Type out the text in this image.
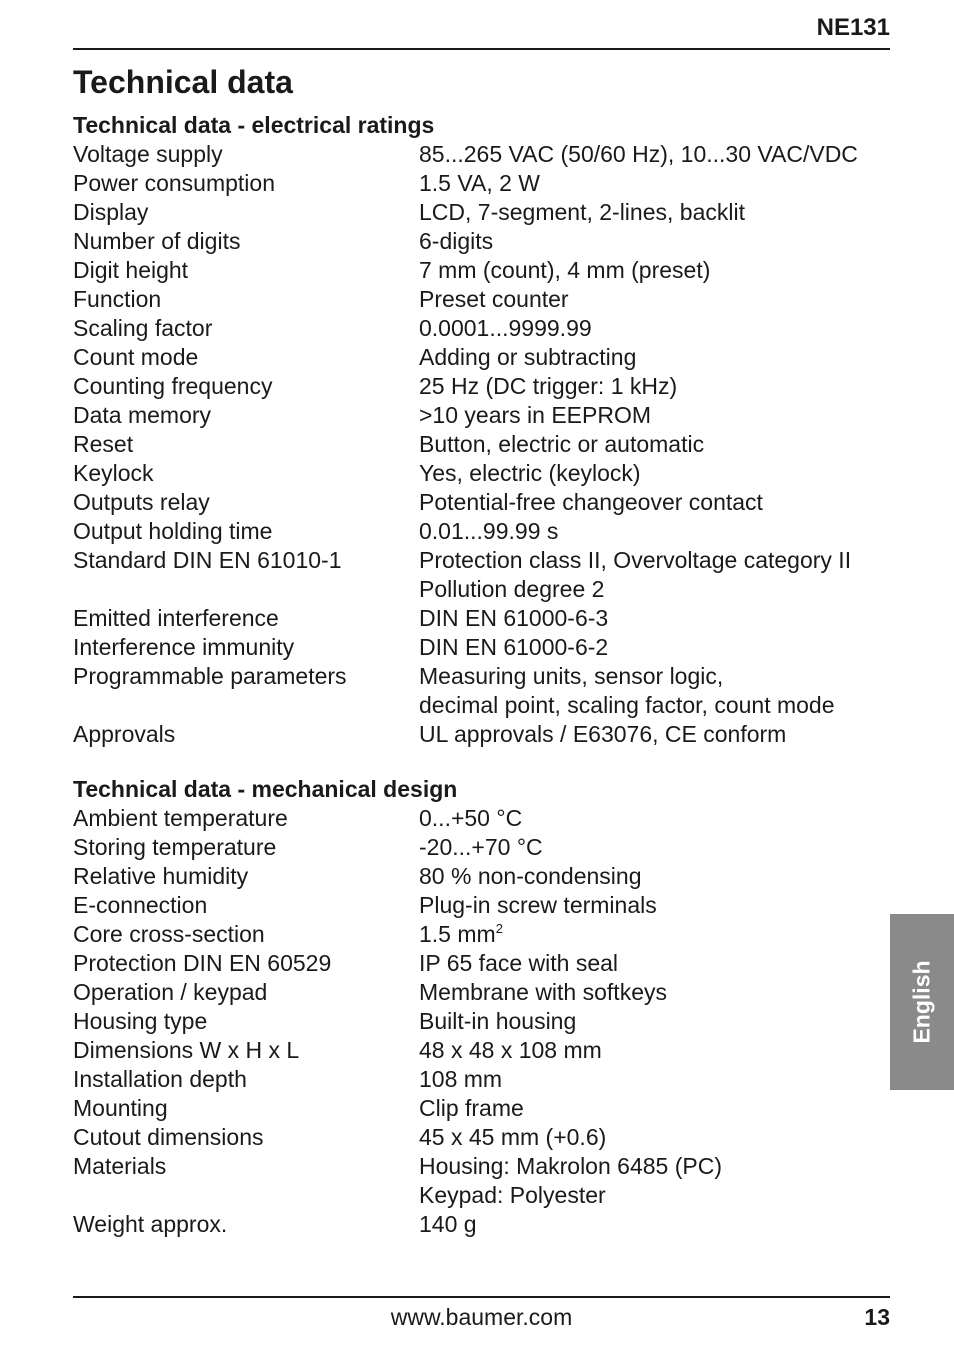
NE131
Technical data
Technical data - electrical ratings
Voltage supply	85...265 VAC (50/60 Hz), 10...30 VAC/VDC
Power consumption	1.5 VA, 2 W
Display	LCD, 7-segment, 2-lines, backlit
Number of digits	6-digits
Digit height	7 mm (count), 4 mm (preset)
Function	Preset counter
Scaling factor	0.0001...9999.99
Count mode	Adding or subtracting
Counting frequency	25 Hz (DC trigger: 1 kHz)
Data memory	>10 years in EEPROM
Reset	Button, electric or automatic
Keylock	Yes, electric (keylock)
Outputs relay	Potential-free changeover contact
Output holding time	0.01...99.99 s
Standard DIN EN 61010-1	Protection class II, Overvoltage category II
Pollution degree 2
Emitted interference	DIN EN 61000-6-3
Interference immunity	DIN EN 61000-6-2
Programmable parameters	Measuring units, sensor logic,
decimal point, scaling factor, count mode
Approvals	UL approvals / E63076, CE conform
Technical data - mechanical design
Ambient temperature	0...+50 °C
Storing temperature	-20...+70 °C
Relative humidity	80 % non-condensing
E-connection	Plug-in screw terminals
Core cross-section	1.5 $mm^2$
Protection DIN EN 60529	IP 65 face with seal
Operation / keypad	Membrane with softkeys
Housing type	Built-in housing
Dimensions W x H x L	48 x 48 x 108 mm
Installation depth	108 mm
Mounting	Clip frame
Cutout dimensions	45 x 45 mm (+0.6)
Materials	Housing: Makrolon 6485 (PC)
Keypad: Polyester
Weight approx.	140 g
English
www.baumer.com	13
